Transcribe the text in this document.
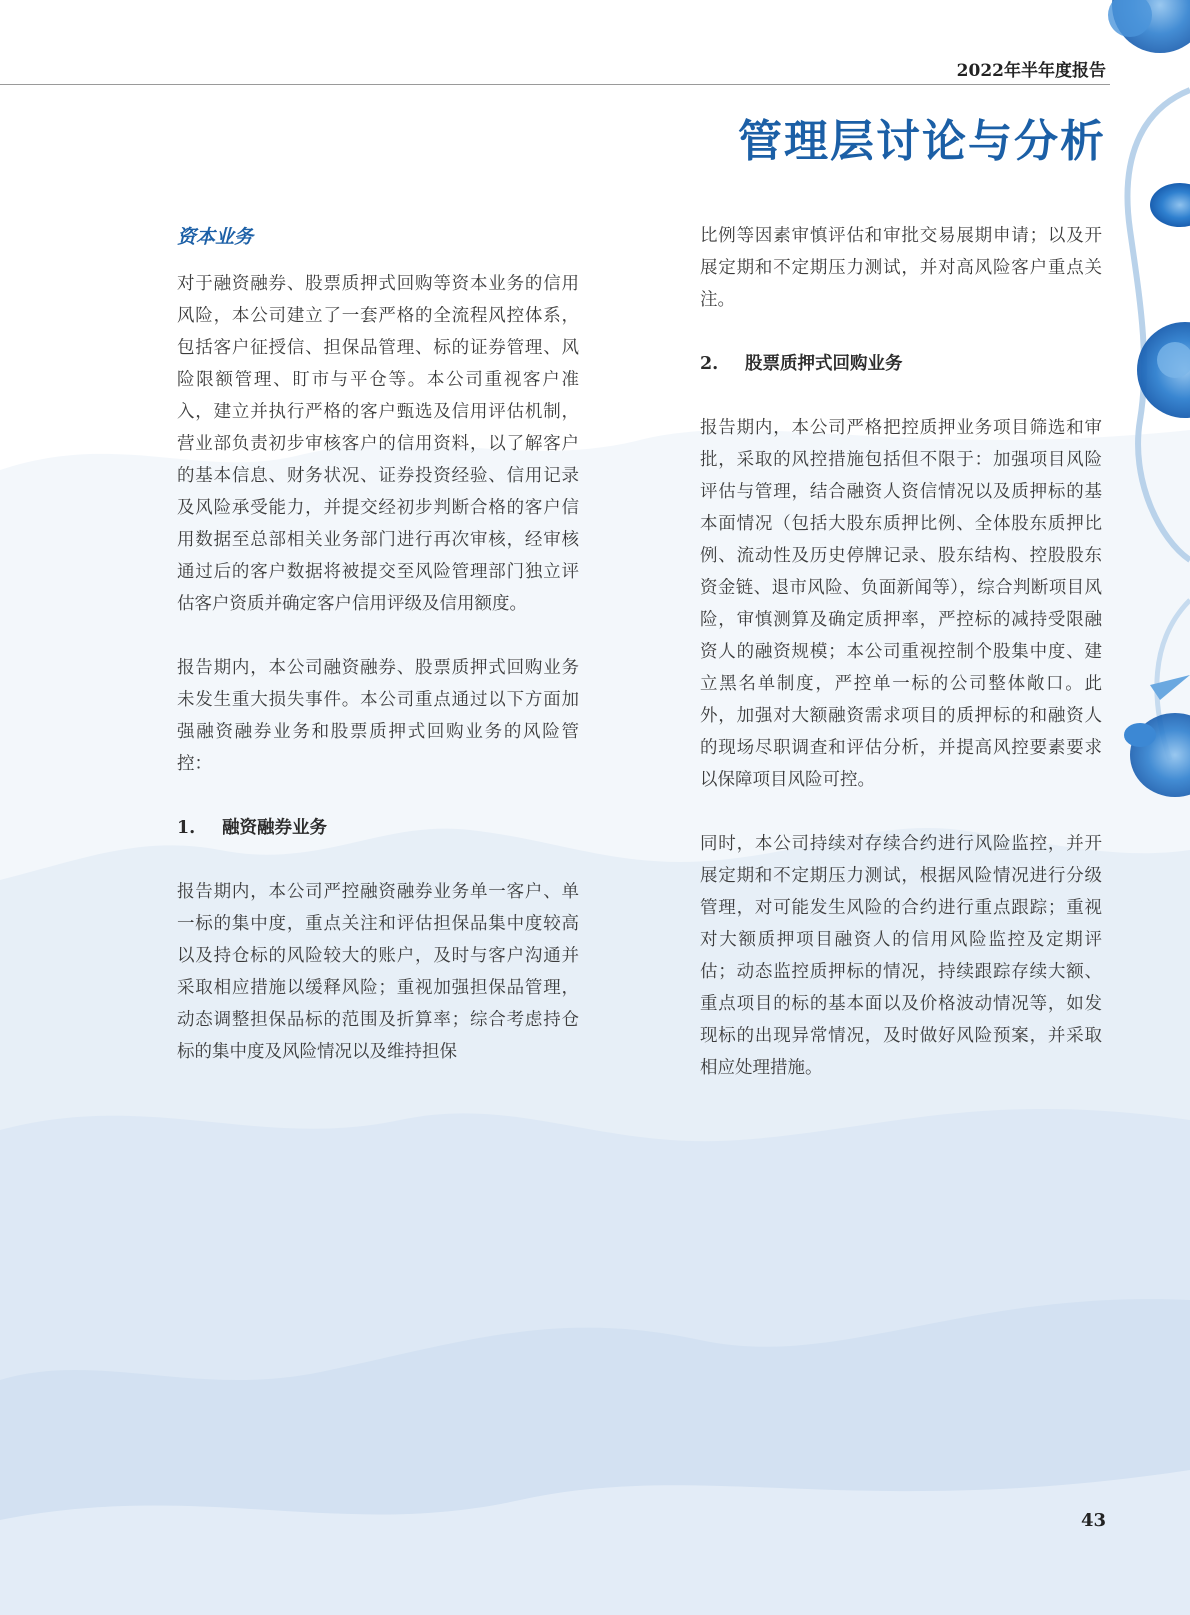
2022年半年度报告
管理层讨论与分析
资本业务

对于融资融券、股票质押式回购等资本业务的信用风险，本公司建立了一套严格的全流程风控体系，包括客户征授信、担保品管理、标的证券管理、风险限额管理、盯市与平仓等。本公司重视客户准入，建立并执行严格的客户甄选及信用评估机制，营业部负责初步审核客户的信用资料，以了解客户的基本信息、财务状况、证券投资经验、信用记录及风险承受能力，并提交经初步判断合格的客户信用数据至总部相关业务部门进行再次审核，经审核通过后的客户数据将被提交至风险管理部门独立评估客户资质并确定客户信用评级及信用额度。

报告期内，本公司融资融券、股票质押式回购业务未发生重大损失事件。本公司重点通过以下方面加强融资融券业务和股票质押式回购业务的风险管控：

1. 融资融券业务

报告期内，本公司严控融资融券业务单一客户、单一标的集中度，重点关注和评估担保品集中度较高以及持仓标的风险较大的账户，及时与客户沟通并采取相应措施以缓释风险；重视加强担保品管理，动态调整担保品标的范围及折算率；综合考虑持仓标的集中度及风险情况以及维持担保

比例等因素审慎评估和审批交易展期申请；以及开展定期和不定期压力测试，并对高风险客户重点关注。

2. 股票质押式回购业务

报告期内，本公司严格把控质押业务项目筛选和审批，采取的风控措施包括但不限于：加强项目风险评估与管理，结合融资人资信情况以及质押标的基本面情况（包括大股东质押比例、全体股东质押比例、流动性及历史停牌记录、股东结构、控股股东资金链、退市风险、负面新闻等），综合判断项目风险，审慎测算及确定质押率，严控标的减持受限融资人的融资规模；本公司重视控制个股集中度、建立黑名单制度，严控单一标的公司整体敞口。此外，加强对大额融资需求项目的质押标的和融资人的现场尽职调查和评估分析，并提高风控要素要求以保障项目风险可控。

同时，本公司持续对存续合约进行风险监控，并开展定期和不定期压力测试，根据风险情况进行分级管理，对可能发生风险的合约进行重点跟踪；重视对大额质押项目融资人的信用风险监控及定期评估；动态监控质押标的情况，持续跟踪存续大额、重点项目的标的基本面以及价格波动情况等，如发现标的出现异常情况，及时做好风险预案，并采取相应处理措施。

43
